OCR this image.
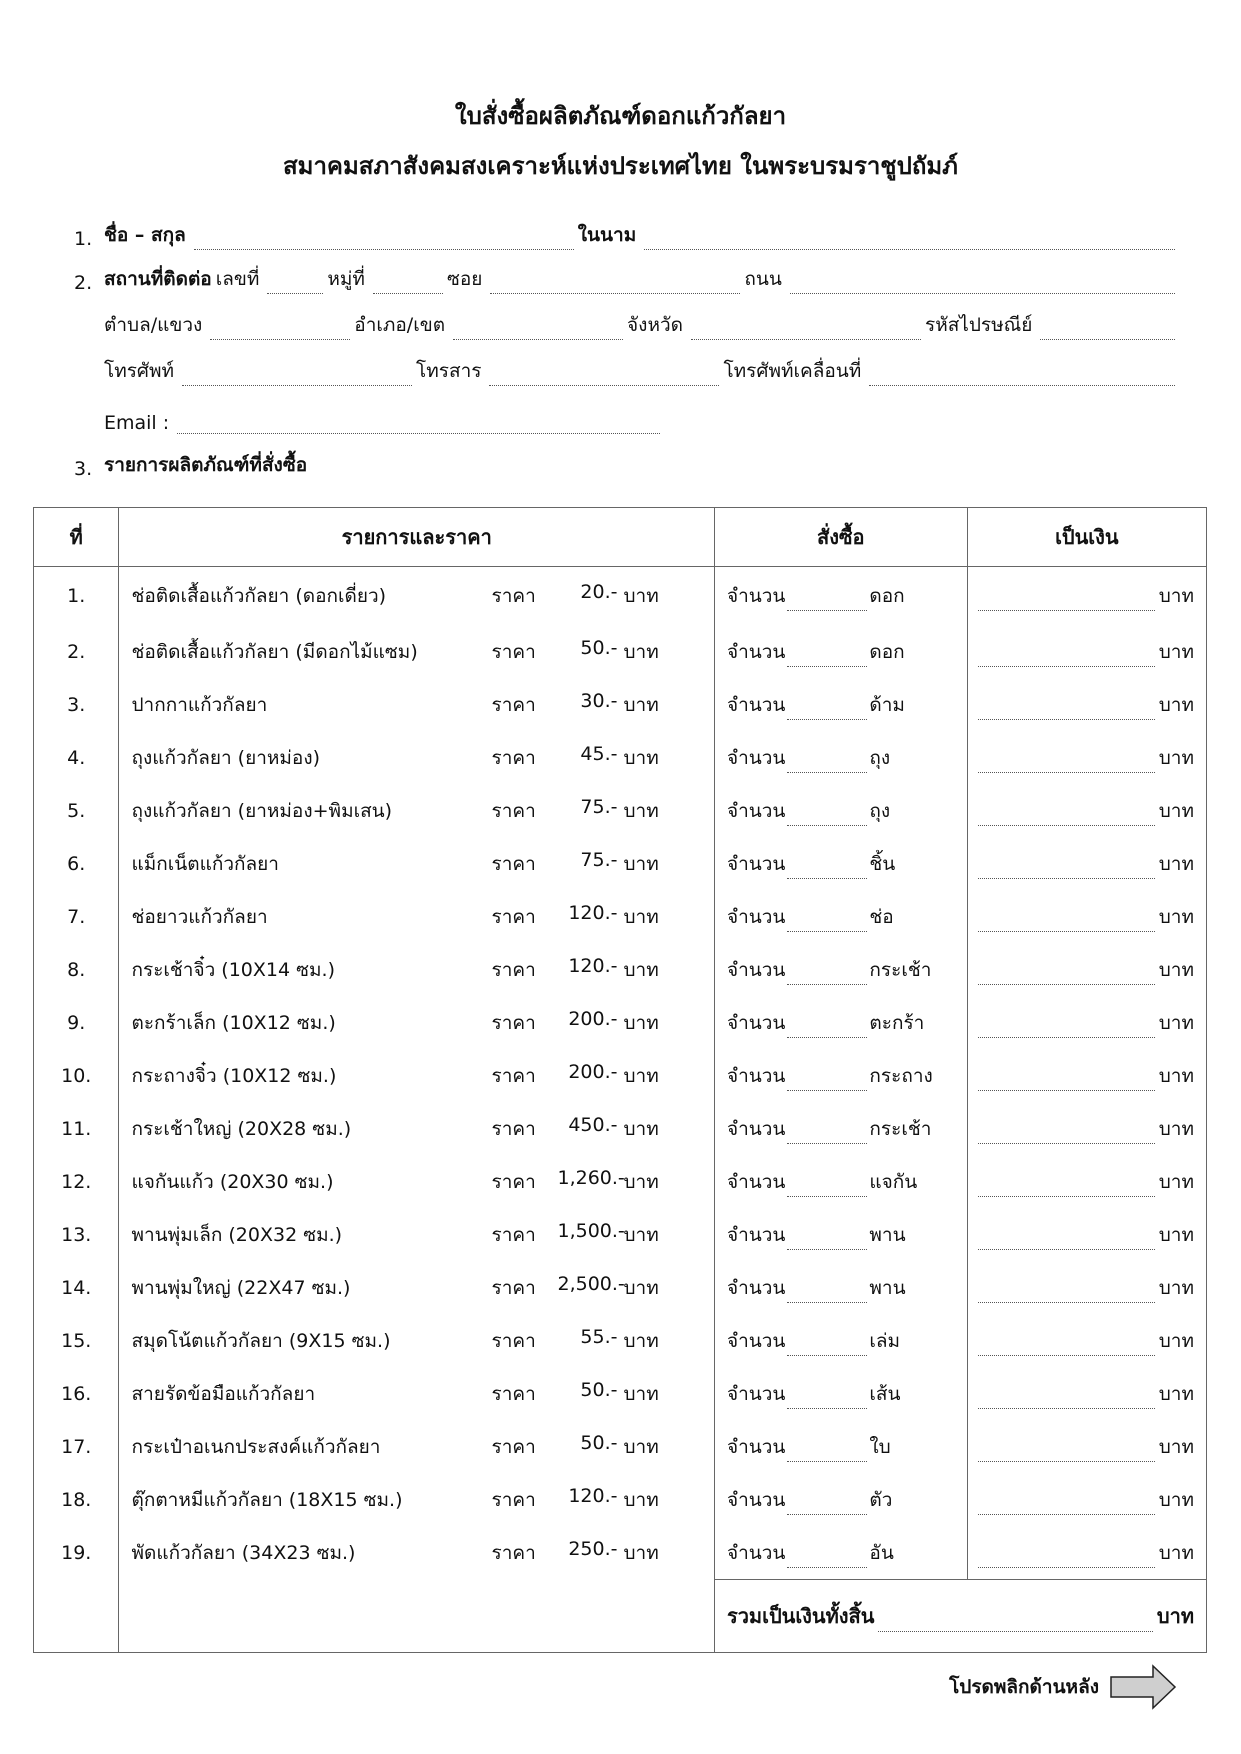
ใบสั่งซื้อผลิตภัณฑ์ดอกแก้วกัลยา
สมาคมสภาสังคมสงเคราะห์แห่งประเทศไทย ในพระบรมราชูปถัมภ์
1. ชื่อ – สกุล	ในนาม
2. สถานที่ติดต่อ เลขที่	หมู่ที่	ซอย	ถนน
ตำบล/แขวง	อำเภอ/เขต	จังหวัด	รหัสไปรษณีย์
โทรศัพท์	โทรสาร	โทรศัพท์เคลื่อนที่
Email :
3. รายการผลิตภัณฑ์ที่สั่งซื้อ
ที่	รายการและราคา	สั่งซื้อ	เป็นเงิน
1.	ช่อติดเสื้อแก้วกัลยา (ดอกเดี่ยว) ราคา 20.- บาท	จำนวน ดอก	บาท

2.	ช่อติดเสื้อแก้วกัลยา (มีดอกไม้แซม) ราคา 50.- บาท	จำนวน ดอก	บาท

3.	ปากกาแก้วกัลยา ราคา 30.- บาท	จำนวน ด้าม	บาท

4.	ถุงแก้วกัลยา (ยาหม่อง) ราคา 45.- บาท	จำนวน ถุง	บาท

5.	ถุงแก้วกัลยา (ยาหม่อง+พิมเสน) ราคา 75.- บาท	จำนวน ถุง	บาท

6.	แม็กเน็ตแก้วกัลยา ราคา 75.- บาท	จำนวน ชิ้น	บาท

7.	ช่อยาวแก้วกัลยา ราคา 120.- บาท	จำนวน ช่อ	บาท

8.	กระเช้าจิ๋ว (10X14 ซม.) ราคา 120.- บาท	จำนวน กระเช้า	บาท

9.	ตะกร้าเล็ก (10X12 ซม.) ราคา 200.- บาท	จำนวน ตะกร้า	บาท

10.	กระถางจิ๋ว (10X12 ซม.) ราคา 200.- บาท	จำนวน กระถาง	บาท

11.	กระเช้าใหญ่ (20X28 ซม.) ราคา 450.- บาท	จำนวน กระเช้า	บาท

12.	แจกันแก้ว (20X30 ซม.) ราคา 1,260.-
บาท	จำนวน แจกัน	บาท

13.	พานพุ่มเล็ก (20X32 ซม.) ราคา 1,500.-
บาท	จำนวน พาน	บาท

14.	พานพุ่มใหญ่ (22X47 ซม.) ราคา 2,500.-
บาท	จำนวน พาน	บาท

15.	สมุดโน้ตแก้วกัลยา (9X15 ซม.) ราคา 55.- บาท	จำนวน เล่ม	บาท

16.	สายรัดข้อมือแก้วกัลยา ราคา 50.- บาท	จำนวน เส้น	บาท

17.	กระเป๋าอเนกประสงค์แก้วกัลยา ราคา 50.- บาท	จำนวน ใบ	บาท

18.	ตุ๊กตาหมีแก้วกัลยา (18X15 ซม.) ราคา 120.- บาท	จำนวน ตัว	บาท

19.	พัดแก้วกัลยา (34X23 ซม.) ราคา 250.- บาท	จำนวน อัน	บาท

		รวมเป็นเงินทั้งสิ้น บาท	
โปรดพลิกด้านหลัง
